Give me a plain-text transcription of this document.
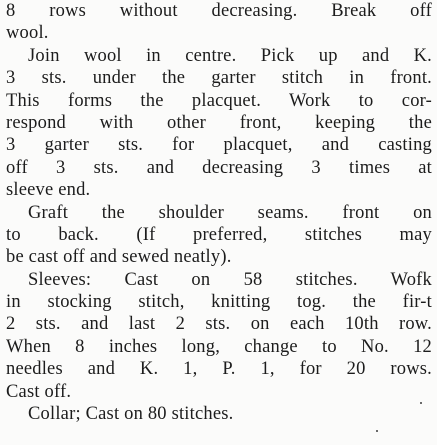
8 rows without decreasing. Break off
wool.
Join wool in centre. Pick up and K.
3 sts. under the garter stitch in front.
This forms the placquet. Work to cor-
respond with other front, keeping the
3 garter sts. for placquet, and casting
off 3 sts. and decreasing 3 times at
sleeve end.
Graft the shoulder seams. front on
to back. (If preferred, stitches may
be cast off and sewed neatly).
Sleeves: Cast on 58 stitches. Wofk
in stocking stitch, knitting tog. the fir-t
2 sts. and last 2 sts. on each 10th row.
When 8 inches long, change to No. 12
needles and K. 1, P. 1, for 20 rows.
Cast off.
Collar; Cast on 80 stitches.
